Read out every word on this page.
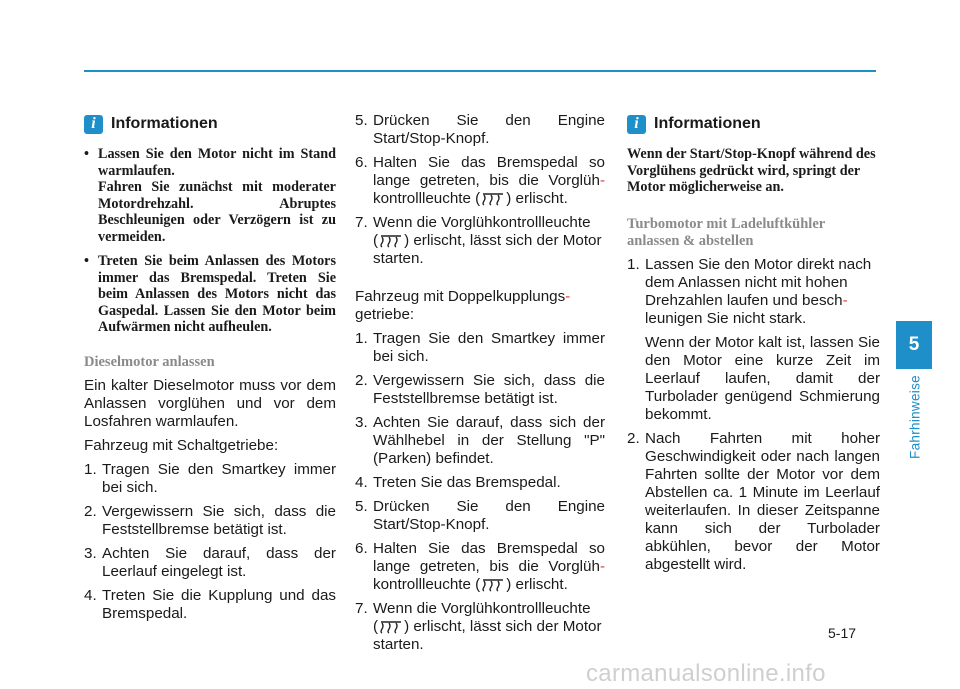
i Informationen
• Lassen Sie den Motor nicht im Stand warmlaufen.

Fahren Sie zunächst mit moderater Motordrehzahl. Abruptes Beschleunigen oder Verzögern ist zu vermeiden.

• Treten Sie beim Anlassen des Motors immer das Bremspedal. Treten Sie beim Anlassen des Motors nicht das Gaspedal. Lassen Sie den Motor beim Aufwärmen nicht aufheulen.

Dieselmotor anlassen

Ein kalter Dieselmotor muss vor dem Anlassen vorglühen und vor dem Losfahren warmlaufen.

Fahrzeug mit Schaltgetriebe:

1. Tragen Sie den Smartkey immer bei sich.
2. Vergewissern Sie sich, dass die Feststellbremse betätigt ist.
3. Achten Sie darauf, dass der Leerlauf eingelegt ist.
4. Treten Sie die Kupplung und das Bremspedal.
5. Drücken Sie den Engine Start/Stop-Knopf.
6. Halten Sie das Bremspedal so lange getreten, bis die Vorglüh- kontrollleuchte ( ) erlischt.
7. Wenn die Vorglühkontrollleuchte
( ) erlischt, lässt sich der Motor starten.

Fahrzeug mit Doppelkupplungs-
getriebe:

1. Tragen Sie den Smartkey immer bei sich.
2. Vergewissern Sie sich, dass die Feststellbremse betätigt ist.
3. Achten Sie darauf, dass sich der Wählhebel in der Stellung "P" (Parken) befindet.
4. Treten Sie das Bremspedal.
5. Drücken Sie den Engine Start/Stop-Knopf.
6. Halten Sie das Bremspedal so lange getreten, bis die Vorglüh- kontrollleuchte ( ) erlischt.
7. Wenn die Vorglühkontrollleuchte
( ) erlischt, lässt sich der Motor starten.
i Informationen

Wenn der Start/Stop-Knopf während des Vorglühens gedrückt wird, springt der Motor möglicherweise an.

Turbomotor mit Ladeluftkühler anlassen & abstellen
1. Lassen Sie den Motor direkt nach dem Anlassen nicht mit hohen Drehzahlen laufen und besch- leunigen Sie nicht stark.

Wenn der Motor kalt ist, lassen Sie den Motor eine kurze Zeit im Leerlauf laufen, damit der Turbolader genügend Schmierung bekommt.

2. Nach Fahrten mit hoher Geschwindigkeit oder nach langen Fahrten sollte der Motor vor dem Abstellen ca. 1 Minute im Leerlauf weiterlaufen. In dieser Zeitspanne kann sich der Turbolader abkühlen, bevor der Motor abgestellt wird.
5
Fahrhinweise
5-17
carmanualsonline.info
